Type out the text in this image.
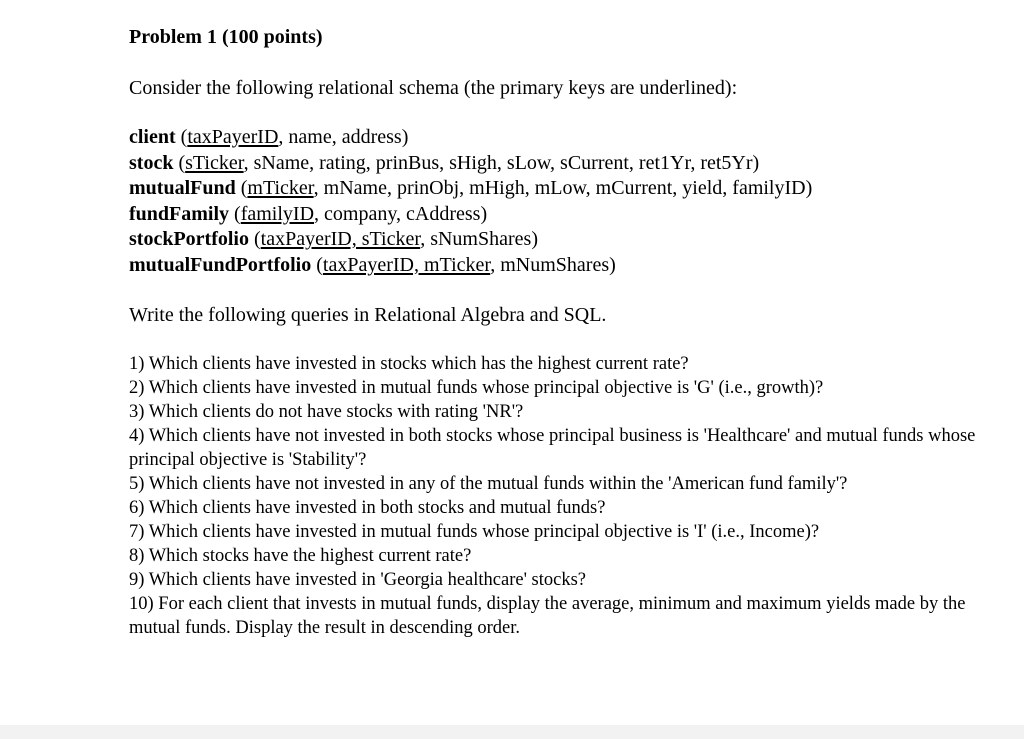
Problem 1 (100 points)

Consider the following relational schema (the primary keys are underlined):

client (taxPayerID, name, address)
stock (sTicker, sName, rating, prinBus, sHigh, sLow, sCurrent, ret1Yr, ret5Yr)
mutualFund (mTicker, mName, prinObj, mHigh, mLow, mCurrent, yield, familyID)
fundFamily (familyID, company, cAddress)
stockPortfolio (taxPayerID, sTicker, sNumShares)
mutualFundPortfolio (taxPayerID, mTicker, mNumShares)

Write the following queries in Relational Algebra and SQL.

1) Which clients have invested in stocks which has the highest current rate?
2) Which clients have invested in mutual funds whose principal objective is 'G' (i.e., growth)?
3) Which clients do not have stocks with rating 'NR'?
4) Which clients have not invested in both stocks whose principal business is 'Healthcare' and mutual funds whose principal objective is 'Stability'?
5) Which clients have not invested in any of the mutual funds within the 'American fund family'?
6) Which clients have invested in both stocks and mutual funds?
7) Which clients have invested in mutual funds whose principal objective is 'I' (i.e., Income)?
8) Which stocks have the highest current rate?
9) Which clients have invested in 'Georgia healthcare' stocks?
10) For each client that invests in mutual funds, display the average, minimum and maximum yields made by the mutual funds. Display the result in descending order.
